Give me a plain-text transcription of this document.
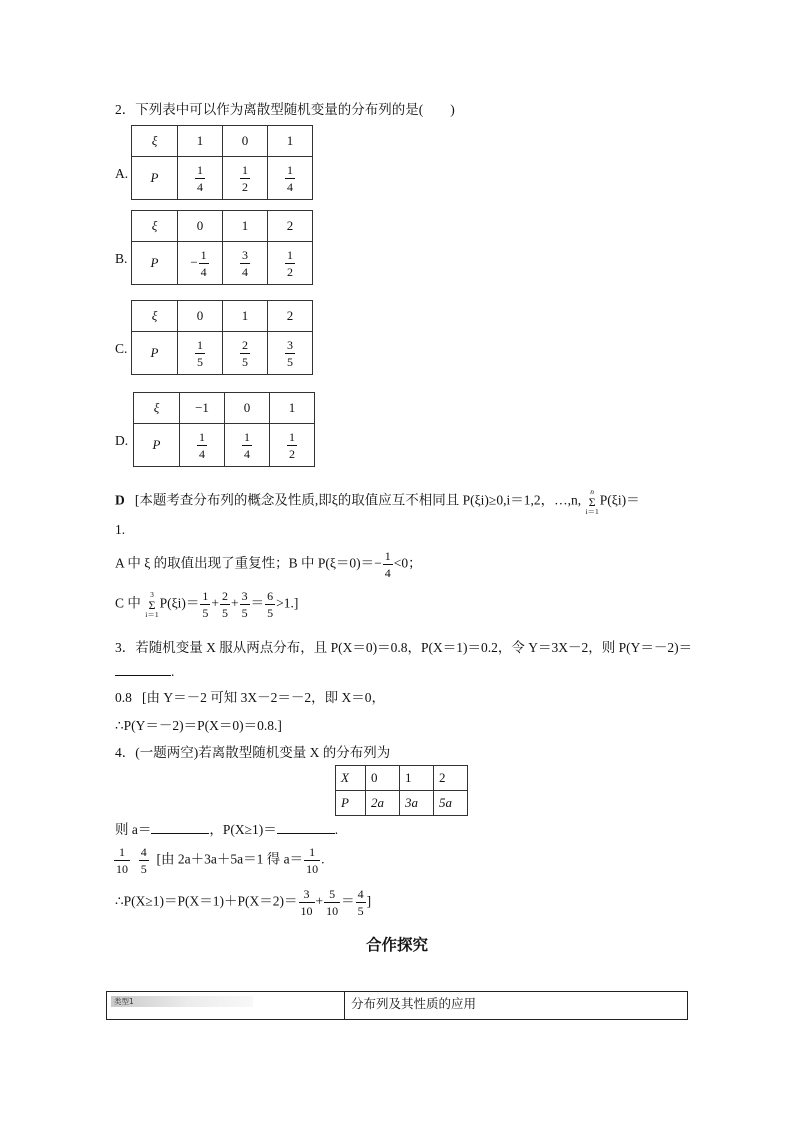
2．下列表中可以作为离散型随机变量的分布列的是(　　)
A.
ξ	1	0	1
P	$\frac{1}{4}$	$\frac{1}{2}$	$\frac{1}{4}$
B.
ξ	0	1	2
P	− $\frac{1}{4}$	$\frac{3}{4}$	$\frac{1}{2}$
C.
ξ	0	1	2
P	$\frac{1}{5}$	$\frac{2}{5}$	$\frac{3}{5}$
D.
ξ	−1	0	1
P	$\frac{1}{4}$	$\frac{1}{4}$	$\frac{1}{2}$
D [本题考查分布列的概念及性质,即ξ的取值应互不相同且 P(ξi)≥0,i＝1,2，…,n,
n
Σ
i＝1
P(ξi)＝
1.
A 中 ξ 的取值出现了重复性；B 中 $P(\xi=0)=- \frac{1}{4} <0$；
C 中
3
Σ
i＝1
$P(\xi i)= \frac{1}{5} + \frac{2}{5} + \frac{3}{5} = \frac{6}{5} >1$.]
3．若随机变量 X 服从两点分布，且 P(X＝0)＝0.8，P(X＝1)＝0.2，令 Y＝3X－2，则 P(Y＝－2)＝
.
0.8 [由 Y＝－2 可知 3X－2＝－2，即 X＝0，
∴P(Y＝－2)＝P(X＝0)＝0.8.]
4．(一题两空)若离散型随机变量 X 的分布列为
X	0	1	2
P	2a	3a	5a
则 a＝	，P(X≥1)＝	.
$\frac{1}{10}$
$\frac{4}{5}$ [由 2a＋3a＋5a＝1 得 $a= \frac{1}{10}$ .
∴P(X≥1)＝P(X＝1)＋P(X＝2)＝ $\frac{3}{10} + \frac{5}{10} = \frac{4}{5}$ ]
合作探究
类型1	分布列及其性质的应用
